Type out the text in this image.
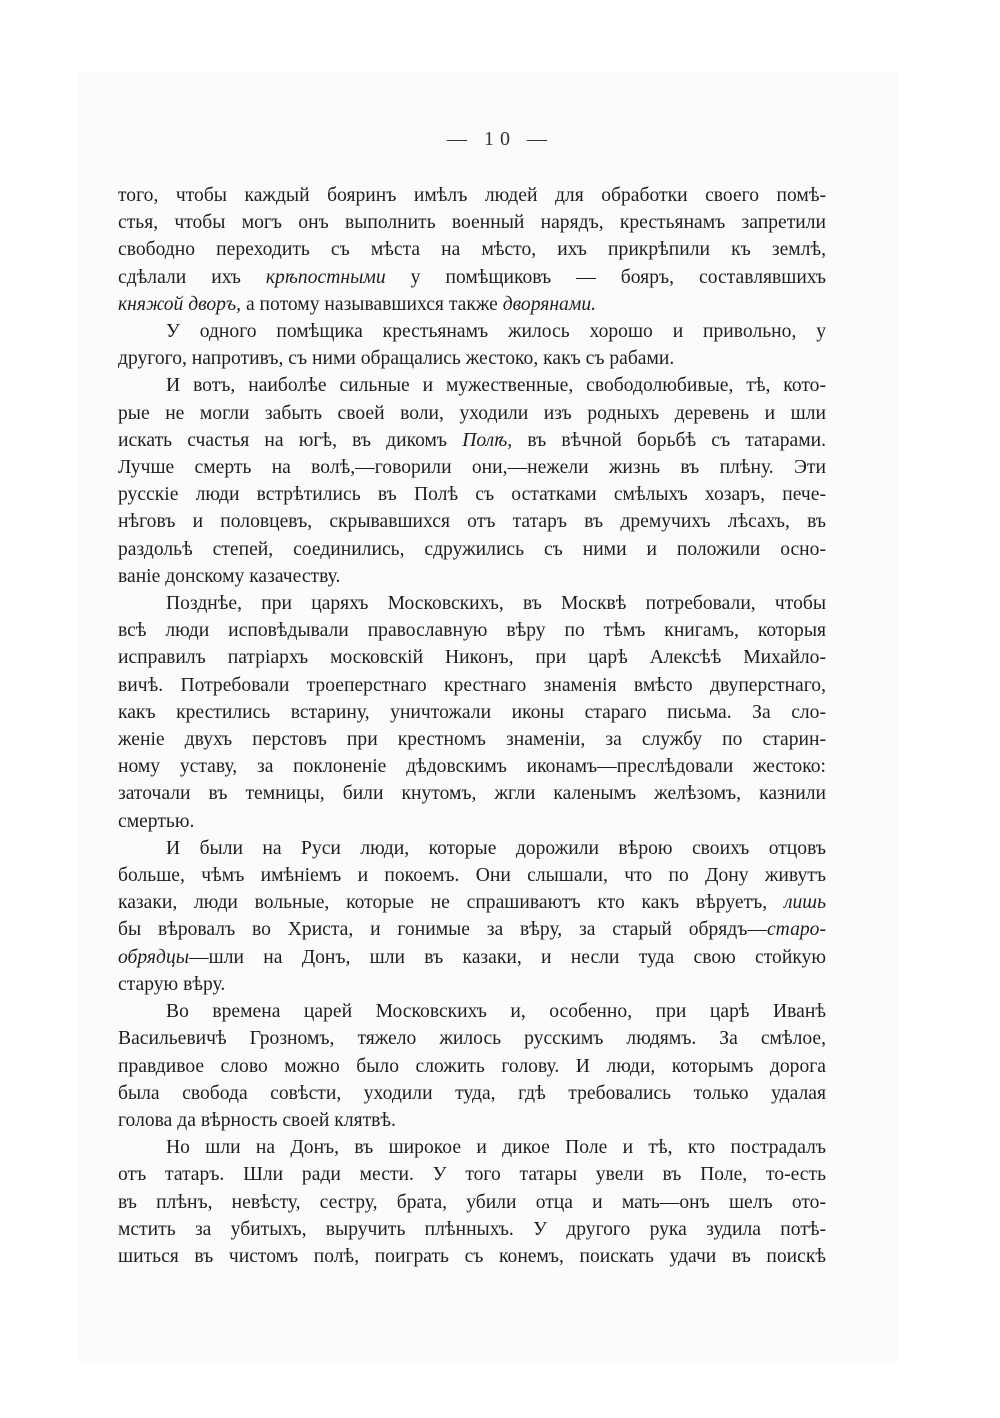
— 10 —
того, чтобы каждый бояринъ имѣлъ людей для обработки своего помѣ-
стья, чтобы могъ онъ выполнить военный нарядъ, крестьянамъ запретили
свободно переходить съ мѣста на мѣсто, ихъ прикрѣпили къ землѣ,
сдѣлали ихъ крѣпостными у помѣщиковъ — бояръ, составлявшихъ
княжой дворъ, а потому называвшихся также дворянами.
У одного помѣщика крестьянамъ жилось хорошо и привольно, у
другого, напротивъ, съ ними обращались жестоко, какъ съ рабами.
И вотъ, наиболѣе сильные и мужественные, свободолюбивые, тѣ, кото-
рые не могли забыть своей воли, уходили изъ родныхъ деревень и шли
искать счастья на югѣ, въ дикомъ Полѣ, въ вѣчной борьбѣ съ татарами.
Лучше смерть на волѣ,—говорили они,—нежели жизнь въ плѣну. Эти
русскіе люди встрѣтились въ Полѣ съ остатками смѣлыхъ хозаръ, пече-
нѣговъ и половцевъ, скрывавшихся отъ татаръ въ дремучихъ лѣсахъ, въ
раздольѣ степей, соединились, сдружились съ ними и положили осно-
ваніе донскому казачеству.
Позднѣе, при царяхъ Московскихъ, въ Москвѣ потребовали, чтобы
всѣ люди исповѣдывали православную вѣру по тѣмъ книгамъ, которыя
исправилъ патріархъ московскій Никонъ, при царѣ Алексѣѣ Михайло-
вичѣ. Потребовали троеперстнаго крестнаго знаменія вмѣсто двуперстнаго,
какъ крестились встарину, уничтожали иконы стараго письма. За сло-
женіе двухъ перстовъ при крестномъ знаменіи, за службу по старин-
ному уставу, за поклоненіе дѣдовскимъ иконамъ—преслѣдовали жестоко:
заточали въ темницы, били кнутомъ, жгли каленымъ желѣзомъ, казнили
смертью.
И были на Руси люди, которые дорожили вѣрою своихъ отцовъ
больше, чѣмъ имѣніемъ и покоемъ. Они слышали, что по Дону живутъ
казаки, люди вольные, которые не спрашиваютъ кто какъ вѣруетъ, лишь
бы вѣровалъ во Христа, и гонимые за вѣру, за старый обрядъ—старо-
обрядцы—шли на Донъ, шли въ казаки, и несли туда свою стойкую
старую вѣру.
Во времена царей Московскихъ и, особенно, при царѣ Иванѣ
Васильевичѣ Грозномъ, тяжело жилось русскимъ людямъ. За смѣлое,
правдивое слово можно было сложить голову. И люди, которымъ дорога
была свобода совѣсти, уходили туда, гдѣ требовались только удалая
голова да вѣрность своей клятвѣ.
Но шли на Донъ, въ широкое и дикое Поле и тѣ, кто пострадалъ
отъ татаръ. Шли ради мести. У того татары увели въ Поле, то-есть
въ плѣнъ, невѣсту, сестру, брата, убили отца и мать—онъ шелъ ото-
мстить за убитыхъ, выручить плѣнныхъ. У другого рука зудила потѣ-
шиться въ чистомъ полѣ, поиграть съ конемъ, поискать удачи въ поискѣ
